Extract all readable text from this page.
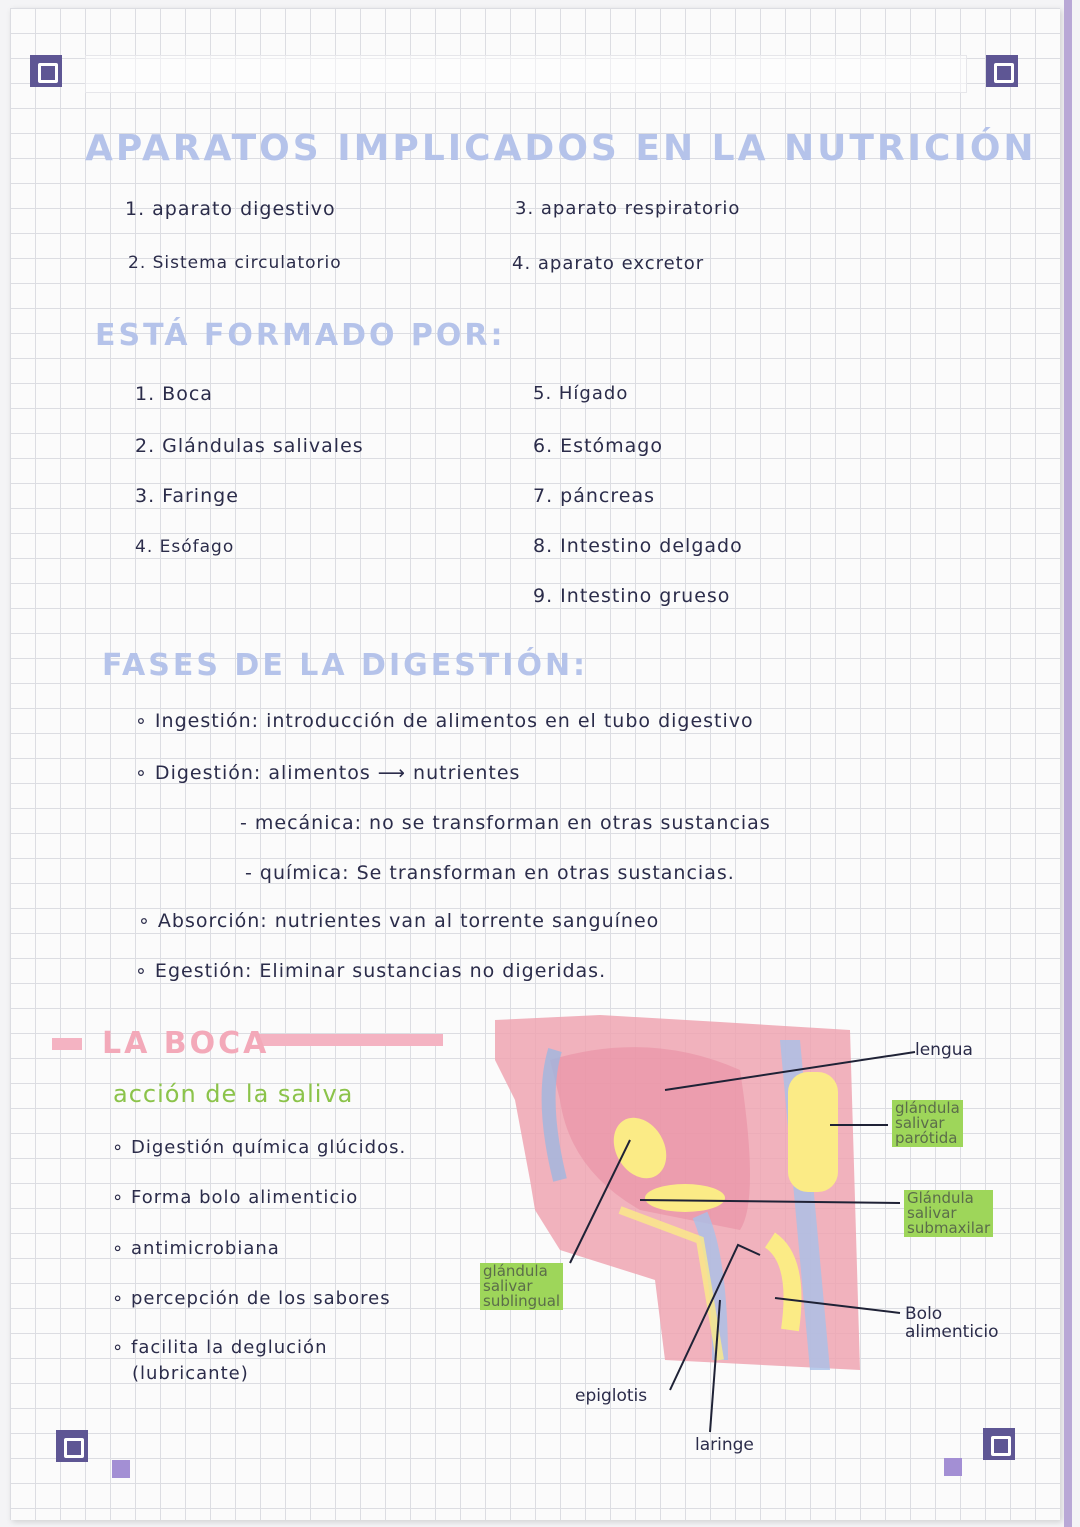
APARATOS IMPLICADOS EN LA NUTRICIÓN
1. aparato digestivo
2. Sistema circulatorio
3. aparato respiratorio
4. aparato excretor
ESTÁ FORMADO POR:
1. Boca
2. Glándulas salivales
3. Faringe
4. Esófago
5. Hígado
6. Estómago
7. páncreas
8. Intestino delgado
9. Intestino grueso
FASES DE LA DIGESTIÓN:
∘ Ingestión: introducción de alimentos en el tubo digestivo
∘ Digestión: alimentos ⟶ nutrientes
- mecánica: no se transforman en otras sustancias
- química: Se transforman en otras sustancias.
∘ Absorción: nutrientes van al torrente sanguíneo
∘ Egestión: Eliminar sustancias no digeridas.
LA BOCA
acción de la saliva
∘ Digestión química glúcidos.
∘ Forma bolo alimenticio
∘ antimicrobiana
∘ percepción de los sabores
∘ facilita la deglución
(lubricante)
lengua
glándula
salivar
parótida
Glándula
salivar
submaxilar
glándula
salivar
sublingual
Bolo
alimenticio
epiglotis
laringe
